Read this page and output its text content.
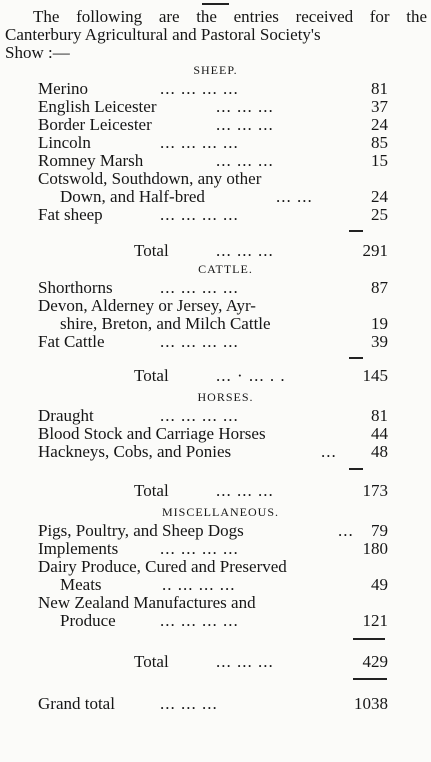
The following are the entries received for the
Canterbury Agricultural and Pastoral Society's
Show :—
SHEEP.
Merino	... ... ... ...	81
English Leicester	... ... ...	37
Border Leicester	... ... ...	24
Lincoln	... ... ... ...	85
Romney Marsh	... ... ...	15
Cotswold, Southdown, any other
Down, and Half-bred	... ...	24
Fat sheep	... ... ... ...	25
Total	... ... ...	291
CATTLE.
Shorthorns	... ... ... ...	87
Devon, Alderney or Jersey, Ayr-
shire, Breton, and Milch Cattle	19
Fat Cattle	... ... ... ...	39
Total	... · ... . .	145
HORSES.
Draught	... ... ... ...	81
Blood Stock and Carriage Horses	44
Hackneys, Cobs, and Ponies	... 48
Total	... ... ...	173
MISCELLANEOUS.
Pigs, Poultry, and Sheep Dogs	... 79
Implements ... ... ... ...	180
Dairy Produce, Cured and Preserved
Meats	.. ... ... ...	49
New Zealand Manufactures and
Produce	... ... ... ...	121
Total	... ... ...	429
Grand total	... ... ...	1038
